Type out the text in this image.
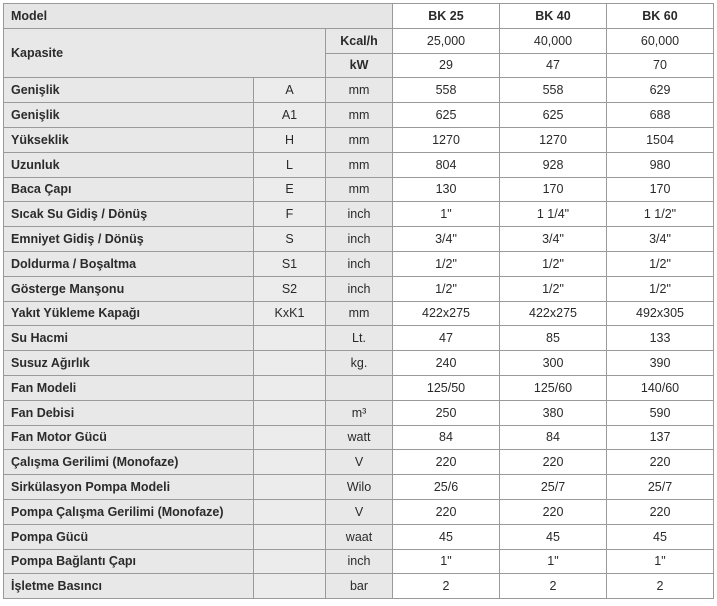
Model			BK 25	BK 40	BK 60
Kapasite		Kcal/h	25,000	40,000	60,000
		kW	29	47	70
Genişlik	A	mm	558	558	629
Genişlik	A1	mm	625	625	688
Yükseklik	H	mm	1270	1270	1504
Uzunluk	L	mm	804	928	980
Baca Çapı	E	mm	130	170	170
Sıcak Su Gidiş / Dönüş	F	inch	1"	1 1/4"	1 1/2"
Emniyet Gidiş / Dönüş	S	inch	3/4"	3/4"	3/4"
Doldurma / Boşaltma	S1	inch	1/2"	1/2"	1/2"
Gösterge Manşonu	S2	inch	1/2"	1/2"	1/2"
Yakıt Yükleme Kapağı	KxK1	mm	422x275	422x275	492x305
Su Hacmi		Lt.	47	85	133
Susuz Ağırlık		kg.	240	300	390
Fan Modeli			125/50	125/60	140/60
Fan Debisi		m³	250	380	590
Fan Motor Gücü		watt	84	84	137
Çalışma Gerilimi (Monofaze)		V	220	220	220
Sirkülasyon Pompa Modeli		Wilo	25/6	25/7	25/7
Pompa Çalışma Gerilimi (Monofaze)		V	220	220	220
Pompa Gücü		waat	45	45	45
Pompa Bağlantı Çapı		inch	1"	1"	1"
İşletme Basıncı		bar	2	2	2
